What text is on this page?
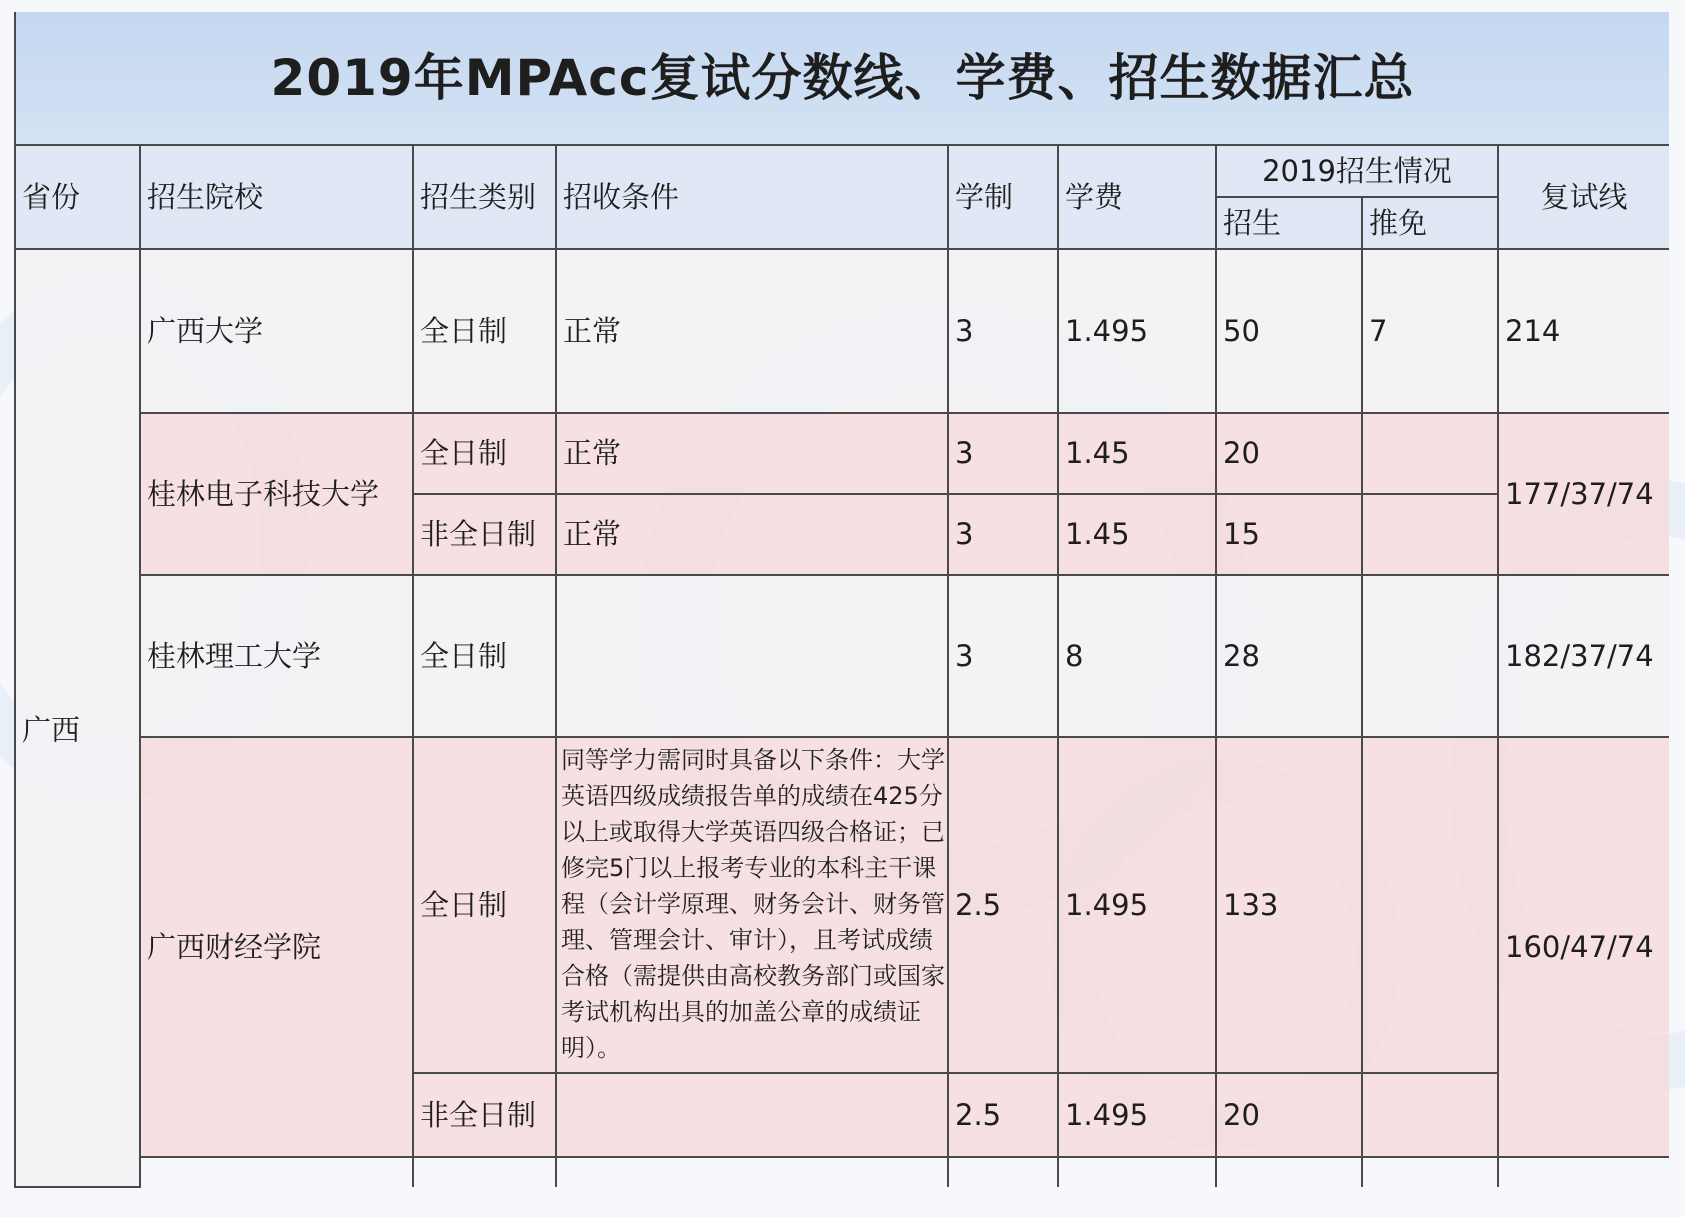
2019年MPAcc复试分数线、学费、招生数据汇总								
省份	招生院校	招生类别	招收条件	学制	学费	2019招生情况		复试线
						招生	推免	
广西	广西大学	全日制	正常	3	1.495	50	7	214
	桂林电子科技大学	全日制	正常	3	1.45	20		177/37/74
		非全日制	正常	3	1.45	15		
	桂林理工大学	全日制		3	8	28		182/37/74
	广西财经学院	全日制	同等学力需同时具备以下条件：大学英语四级成绩报告单的成绩在425分以上或取得大学英语四级合格证；已修完5门以上报考专业的本科主干课程（会计学原理、财务会计、财务管理、管理会计、审计），且考试成绩合格（需提供由高校教务部门或国家考试机构出具的加盖公章的成绩证明）。	2.5	1.495	133		160/47/74
		非全日制		2.5	1.495	20		
